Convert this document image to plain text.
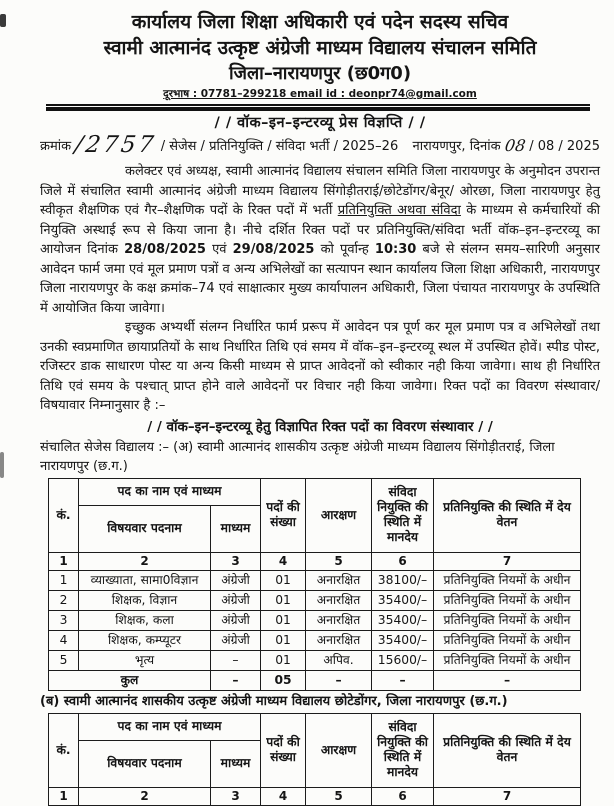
कार्यालय जिला शिक्षा अधिकारी एवं पदेन सदस्य सचिव
स्वामी आत्मानंद उत्कृष्ट अंग्रेजी माध्यम विद्यालय संचालन समिति
जिला–नारायणपुर (छ0ग0)
दूरभाष : 07781–299218 email id : deonpr74@gmail.com
/ / वॉक–इन–इन्टरव्यू प्रेस विज्ञप्ति / /
क्रमांक /2757 / सेजेस / प्रतिनियुक्ति / संविदा भर्ती / 2025–26 नारायणपुर, दिनांक 08 / 08 / 2025

कलेक्टर एवं अध्यक्ष, स्वामी आत्मानंद विद्यालय संचालन समिति जिला नारायणपुर के अनुमोदन उपरान्त जिले में संचालित स्वामी आत्मानंद अंग्रेजी माध्यम विद्यालय सिंगोड़ीतराई/छोटेडोंगर/बेनूर/ ओरछा, जिला नारायणपुर हेतु स्वीकृत शैक्षणिक एवं गैर–शैक्षणिक पदों के रिक्त पदों में भर्ती प्रतिनियुक्ति अथवा संविदा के माध्यम से कर्मचारियों की नियुक्ति अस्थाई रूप से किया जाना है। नीचे दर्शित रिक्त पदों पर प्रतिनियुक्ति/संविदा भर्ती वॉक–इन–इन्टरव्यू का आयोजन दिनांक 28/08/2025 एवं 29/08/2025 को पूर्वान्ह 10:30 बजे से संलग्न समय–सारिणी अनुसार आवेदन फार्म जमा एवं मूल प्रमाण पत्रों व अन्य अभिलेखों का सत्यापन स्थान कार्यालय जिला शिक्षा अधिकारी, नारायणपुर जिला नारायणपुर के कक्ष क्रमांक–74 एवं साक्षात्कार मुख्य कार्यापालन अधिकारी, जिला पंचायत नारायणपुर के उपस्थिति में आयोजित किया जावेगा।

इच्छुक अभ्यर्थी संलग्न निर्धारित फार्म प्ररूप में आवेदन पत्र पूर्ण कर मूल प्रमाण पत्र व अभिलेखों तथा उनकी स्वप्रमाणित छायाप्रतियों के साथ निर्धारित तिथि एवं समय में वॉक–इन–इन्टरव्यू स्थल में उपस्थित होवें। स्पीड पोस्ट, रजिस्टर डाक साधारण पोस्ट या अन्य किसी माध्यम से प्राप्त आवेदनों को स्वीकार नही किया जावेगा। साथ ही निर्धारित तिथि एवं समय के पश्चात् प्राप्त होने वाले आवेदनों पर विचार नही किया जावेगा। रिक्त पदों का विवरण संस्थावार/विषयावार निम्नानुसार है :–

/ / वॉक–इन–इन्टरव्यू हेतु विज्ञापित रिक्त पदों का विवरण संस्थावार / /
संचालित सेजेस विद्यालय :– (अ) स्वामी आत्मानंद शासकीय उत्कृष्ट अंग्रेजी माध्यम विद्यालय सिंगोड़ीतराई, जिला नारायणपुर (छ.ग.)
कं.	पद का नाम एवं माध्यम		पदों की संख्या	आरक्षण	संविदा नियुक्ति की स्थिति में मानदेय	प्रतिनियुक्ति की स्थिति में देय वेतन
	विषयवार पदनाम	माध्यम				
1	2	3	4	5	6	7
1	व्याख्याता, सामा0विज्ञान	अंग्रेजी	01	अनारक्षित	38100/–	प्रतिनियुक्ति नियमों के अधीन
2	शिक्षक, विज्ञान	अंग्रेजी	01	अनारक्षित	35400/–	प्रतिनियुक्ति नियमों के अधीन
3	शिक्षक, कला	अंग्रेजी	01	अनारक्षित	35400/–	प्रतिनियुक्ति नियमों के अधीन
4	शिक्षक, कम्प्यूटर	अंग्रेजी	01	अनारक्षित	35400/–	प्रतिनियुक्ति नियमों के अधीन
5	भृत्य	–	01	अपिव.	15600/–	प्रतिनियुक्ति नियमों के अधीन
कुल		–	05	–	–	–
(ब) स्वामी आत्मानंद शासकीय उत्कृष्ट अंग्रेजी माध्यम विद्यालय छोटेडोंगर, जिला नारायणपुर (छ.ग.)
कं.	पद का नाम एवं माध्यम		पदों की संख्या	आरक्षण	संविदा नियुक्ति की स्थिति में मानदेय	प्रतिनियुक्ति की स्थिति में देय वेतन
	विषयवार पदनाम	माध्यम				
1	2	3	4	5	6	7
